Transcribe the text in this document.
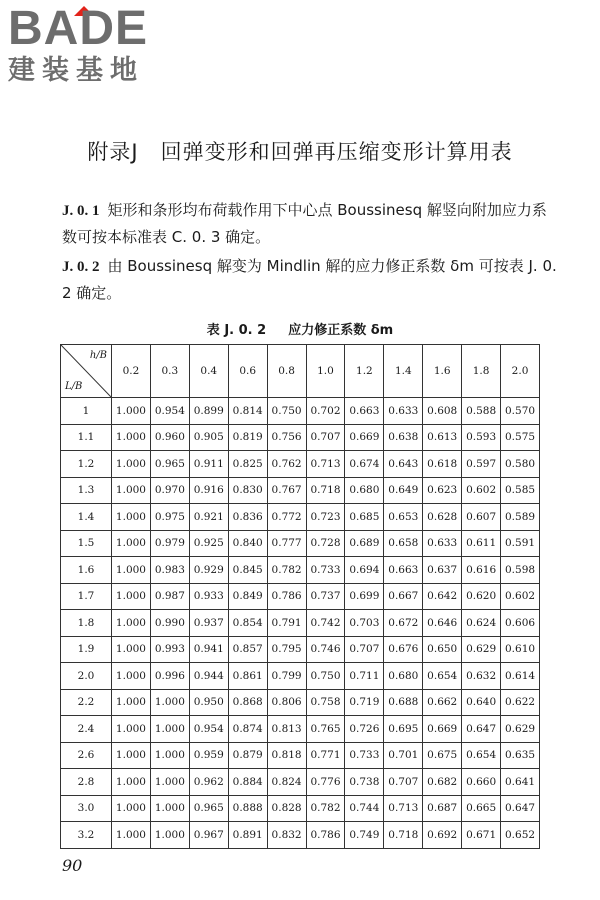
BADE
建装基地
附录J　回弹变形和回弹再压缩变形计算用表
J. 0. 1 矩形和条形均布荷载作用下中心点 Boussinesq 解竖向附加应力系数可按本标准表 C. 0. 3 确定。
J. 0. 2 由 Boussinesq 解变为 Mindlin 解的应力修正系数 δm 可按表 J. 0. 2 确定。
表 J. 0. 2 应力修正系数 δm
h/B
L/B	0.2	0.3	0.4	0.6	0.8	1.0	1.2	1.4	1.6	1.8	2.0
1	1.000	0.954	0.899	0.814	0.750	0.702	0.663	0.633	0.608	0.588	0.570
1.1	1.000	0.960	0.905	0.819	0.756	0.707	0.669	0.638	0.613	0.593	0.575
1.2	1.000	0.965	0.911	0.825	0.762	0.713	0.674	0.643	0.618	0.597	0.580
1.3	1.000	0.970	0.916	0.830	0.767	0.718	0.680	0.649	0.623	0.602	0.585
1.4	1.000	0.975	0.921	0.836	0.772	0.723	0.685	0.653	0.628	0.607	0.589
1.5	1.000	0.979	0.925	0.840	0.777	0.728	0.689	0.658	0.633	0.611	0.591
1.6	1.000	0.983	0.929	0.845	0.782	0.733	0.694	0.663	0.637	0.616	0.598
1.7	1.000	0.987	0.933	0.849	0.786	0.737	0.699	0.667	0.642	0.620	0.602
1.8	1.000	0.990	0.937	0.854	0.791	0.742	0.703	0.672	0.646	0.624	0.606
1.9	1.000	0.993	0.941	0.857	0.795	0.746	0.707	0.676	0.650	0.629	0.610
2.0	1.000	0.996	0.944	0.861	0.799	0.750	0.711	0.680	0.654	0.632	0.614
2.2	1.000	1.000	0.950	0.868	0.806	0.758	0.719	0.688	0.662	0.640	0.622
2.4	1.000	1.000	0.954	0.874	0.813	0.765	0.726	0.695	0.669	0.647	0.629
2.6	1.000	1.000	0.959	0.879	0.818	0.771	0.733	0.701	0.675	0.654	0.635
2.8	1.000	1.000	0.962	0.884	0.824	0.776	0.738	0.707	0.682	0.660	0.641
3.0	1.000	1.000	0.965	0.888	0.828	0.782	0.744	0.713	0.687	0.665	0.647
3.2	1.000	1.000	0.967	0.891	0.832	0.786	0.749	0.718	0.692	0.671	0.652
90
